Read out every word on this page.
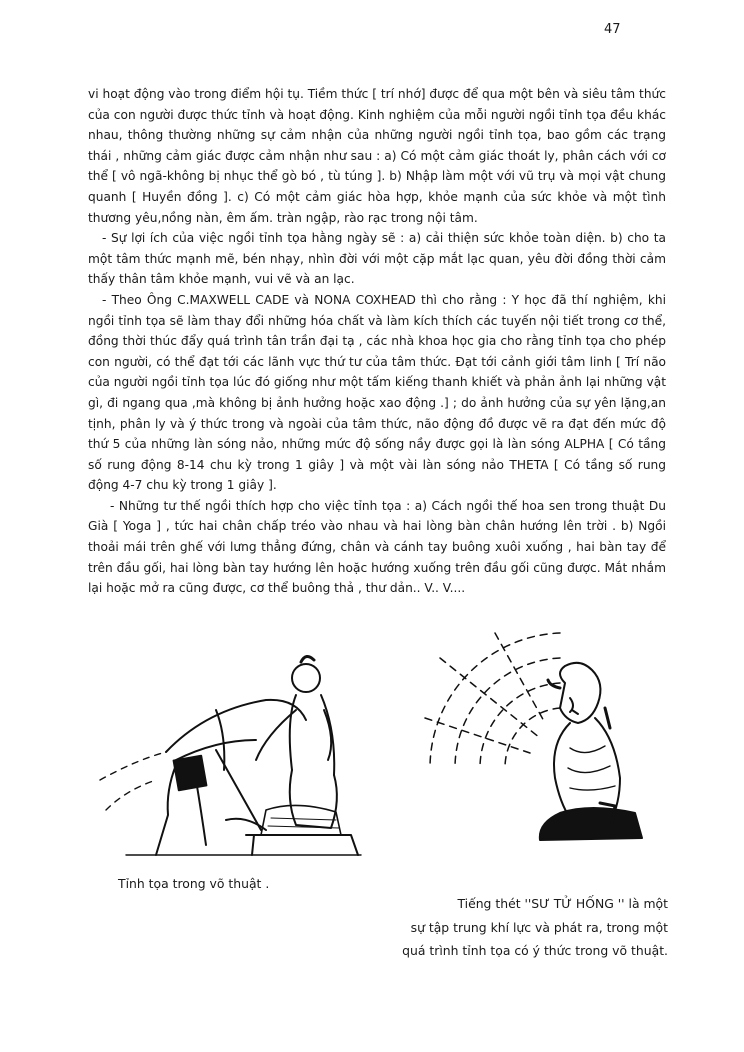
47

vi hoạt động vào trong điểm hội tụ. Tiềm thức [ trí nhớ] được để qua một bên và siêu tâm thức của con người được thức tỉnh và hoạt động. Kinh nghiệm của mỗi người ngồi tỉnh tọa đều khác nhau, thông thường những sự cảm nhận của những người ngồi tỉnh tọa, bao gồm các trạng thái , những cảm giác được cảm nhận như sau : a) Có một cảm giác thoát ly, phân cách với cơ thể [ vô ngã-không bị nhục thể gò bó , tù túng ]. b) Nhập làm một với vũ trụ và mọi vật chung quanh [ Huyền đồng ]. c) Có một cảm giác hòa hợp, khỏe mạnh của sức khỏe và một tình thương yêu,nồng nàn, êm ấm. tràn ngập, rào rạc trong nội tâm.

- Sự lợi ích của việc ngồi tỉnh tọa hằng ngày sẽ : a) cải thiện sức khỏe toàn diện. b) cho ta một tâm thức mạnh mẽ, bén nhạy, nhìn đời với một cặp mắt lạc quan, yêu đời đồng thời cảm thấy thân tâm khỏe mạnh, vui vẽ và an lạc.

- Theo Ông C.MAXWELL CADE và NONA COXHEAD thì cho rằng : Y học đã thí nghiệm, khi ngồi tỉnh tọa sẽ làm thay đổi những hóa chất và làm kích thích các tuyến nội tiết trong cơ thể, đồng thời thúc đẩy quá trình tân trần đại tạ , các nhà khoa học gia cho rằng tỉnh tọa cho phép con người, có thể đạt tới các lãnh vực thứ tư của tâm thức. Đạt tới cảnh giới tâm linh [ Trí não của người ngồi tỉnh tọa lúc đó giống như một tấm kiếng thanh khiết và phản ảnh lại những vật gì, đi ngang qua ,mà không bị ảnh hưởng hoặc xao động .] ; do ảnh hưởng của sự yên lặng,an tịnh, phân ly và ý thức trong và ngoài của tâm thức, não động đồ được vẽ ra đạt đến mức độ thứ 5 của những làn sóng nảo, những mức độ sống nầy được gọi là làn sóng ALPHA [ Có tầng số rung động 8-14 chu kỳ trong 1 giây ] và một vài làn sóng nảo THETA [ Có tầng số rung động 4-7 chu kỳ trong 1 giây ].

- Những tư thế ngồi thích hợp cho việc tỉnh tọa : a) Cách ngồi thế hoa sen trong thuật Du Già [ Yoga ] , tức hai chân chấp tréo vào nhau và hai lòng bàn chân hướng lên trời . b) Ngồi thoải mái trên ghế với lưng thẳng đứng, chân và cánh tay buông xuôi xuống , hai bàn tay để trên đầu gối, hai lòng bàn tay hướng lên hoặc hướng xuống trên đầu gối cũng được. Mắt nhắm lại hoặc mở ra cũng được, cơ thể buông thả , thư dản.. V.. V....

Tỉnh tọa trong võ thuật .
Tiếng thét ''SƯ TỬ HỐNG '' là một
sự tập trung khí lực và phát ra, trong một
quá trình tỉnh tọa có ý thức trong võ thuật.
